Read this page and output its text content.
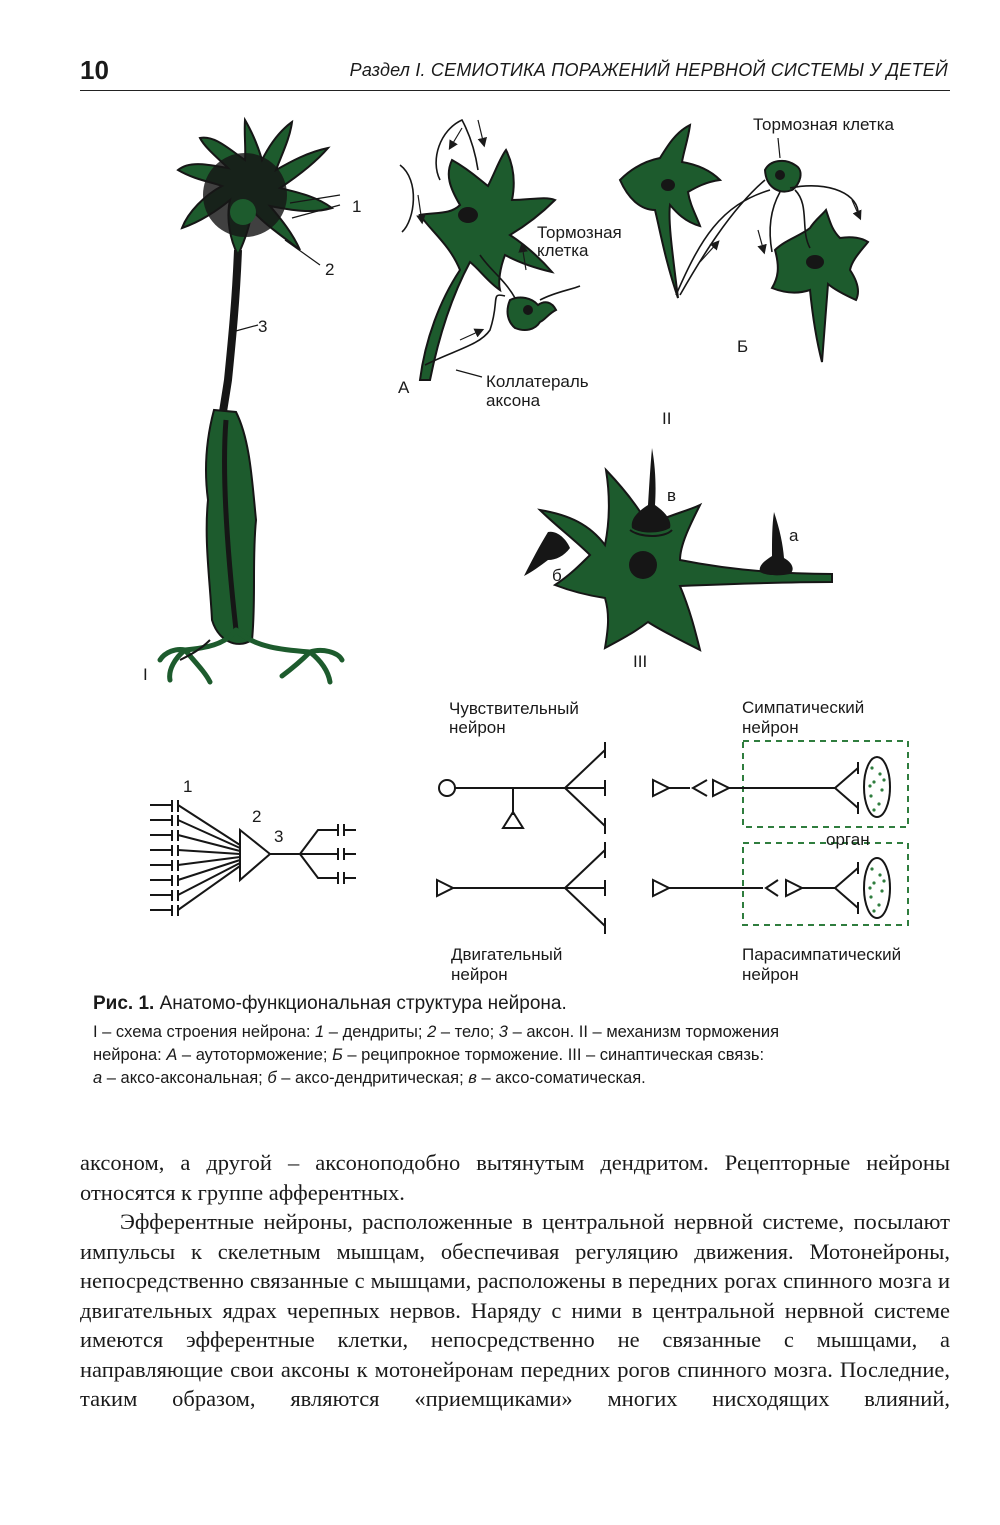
10	Раздел I. СЕМИОТИКА ПОРАЖЕНИЙ НЕРВНОЙ СИСТЕМЫ У ДЕТЕЙ
1
2
3
I
Тормозная
клетка
Коллатераль
аксона
А
Тормозная клетка
Б
II
в
а
б
III
1
2
3
Чувствительный
нейрон
Двигательный
нейрон
Симпатический
нейрон
орган
Парасимпатический
нейрон
Рис. 1. Анатомо-функциональная структура нейрона.
I – схема строения нейрона: 1 – дендриты; 2 – тело; 3 – аксон. II – механизм торможения
нейрона: А – аутоторможение; Б – реципрокное торможение. III – синаптическая связь:
а – аксо-аксональная; б – аксо-дендритическая; в – аксо-соматическая.

аксоном, а другой – аксоноподобно вытянутым дендритом. Рецепторные нейроны относятся к группе афферентных.

Эфферентные нейроны, расположенные в центральной нервной системе, посылают импульсы к скелетным мышцам, обеспечивая регуляцию движения. Мотонейроны, непосредственно связанные с мышцами, расположены в передних рогах спинного мозга и двигательных ядрах черепных нервов. Наряду с ними в центральной нервной системе имеются эфферентные клетки, непосредственно не связанные с мышцами, а направляющие свои аксоны к мотонейронам передних рогов спинного мозга. Последние, таким образом, являются «приемщиками» многих нисходящих влияний,
